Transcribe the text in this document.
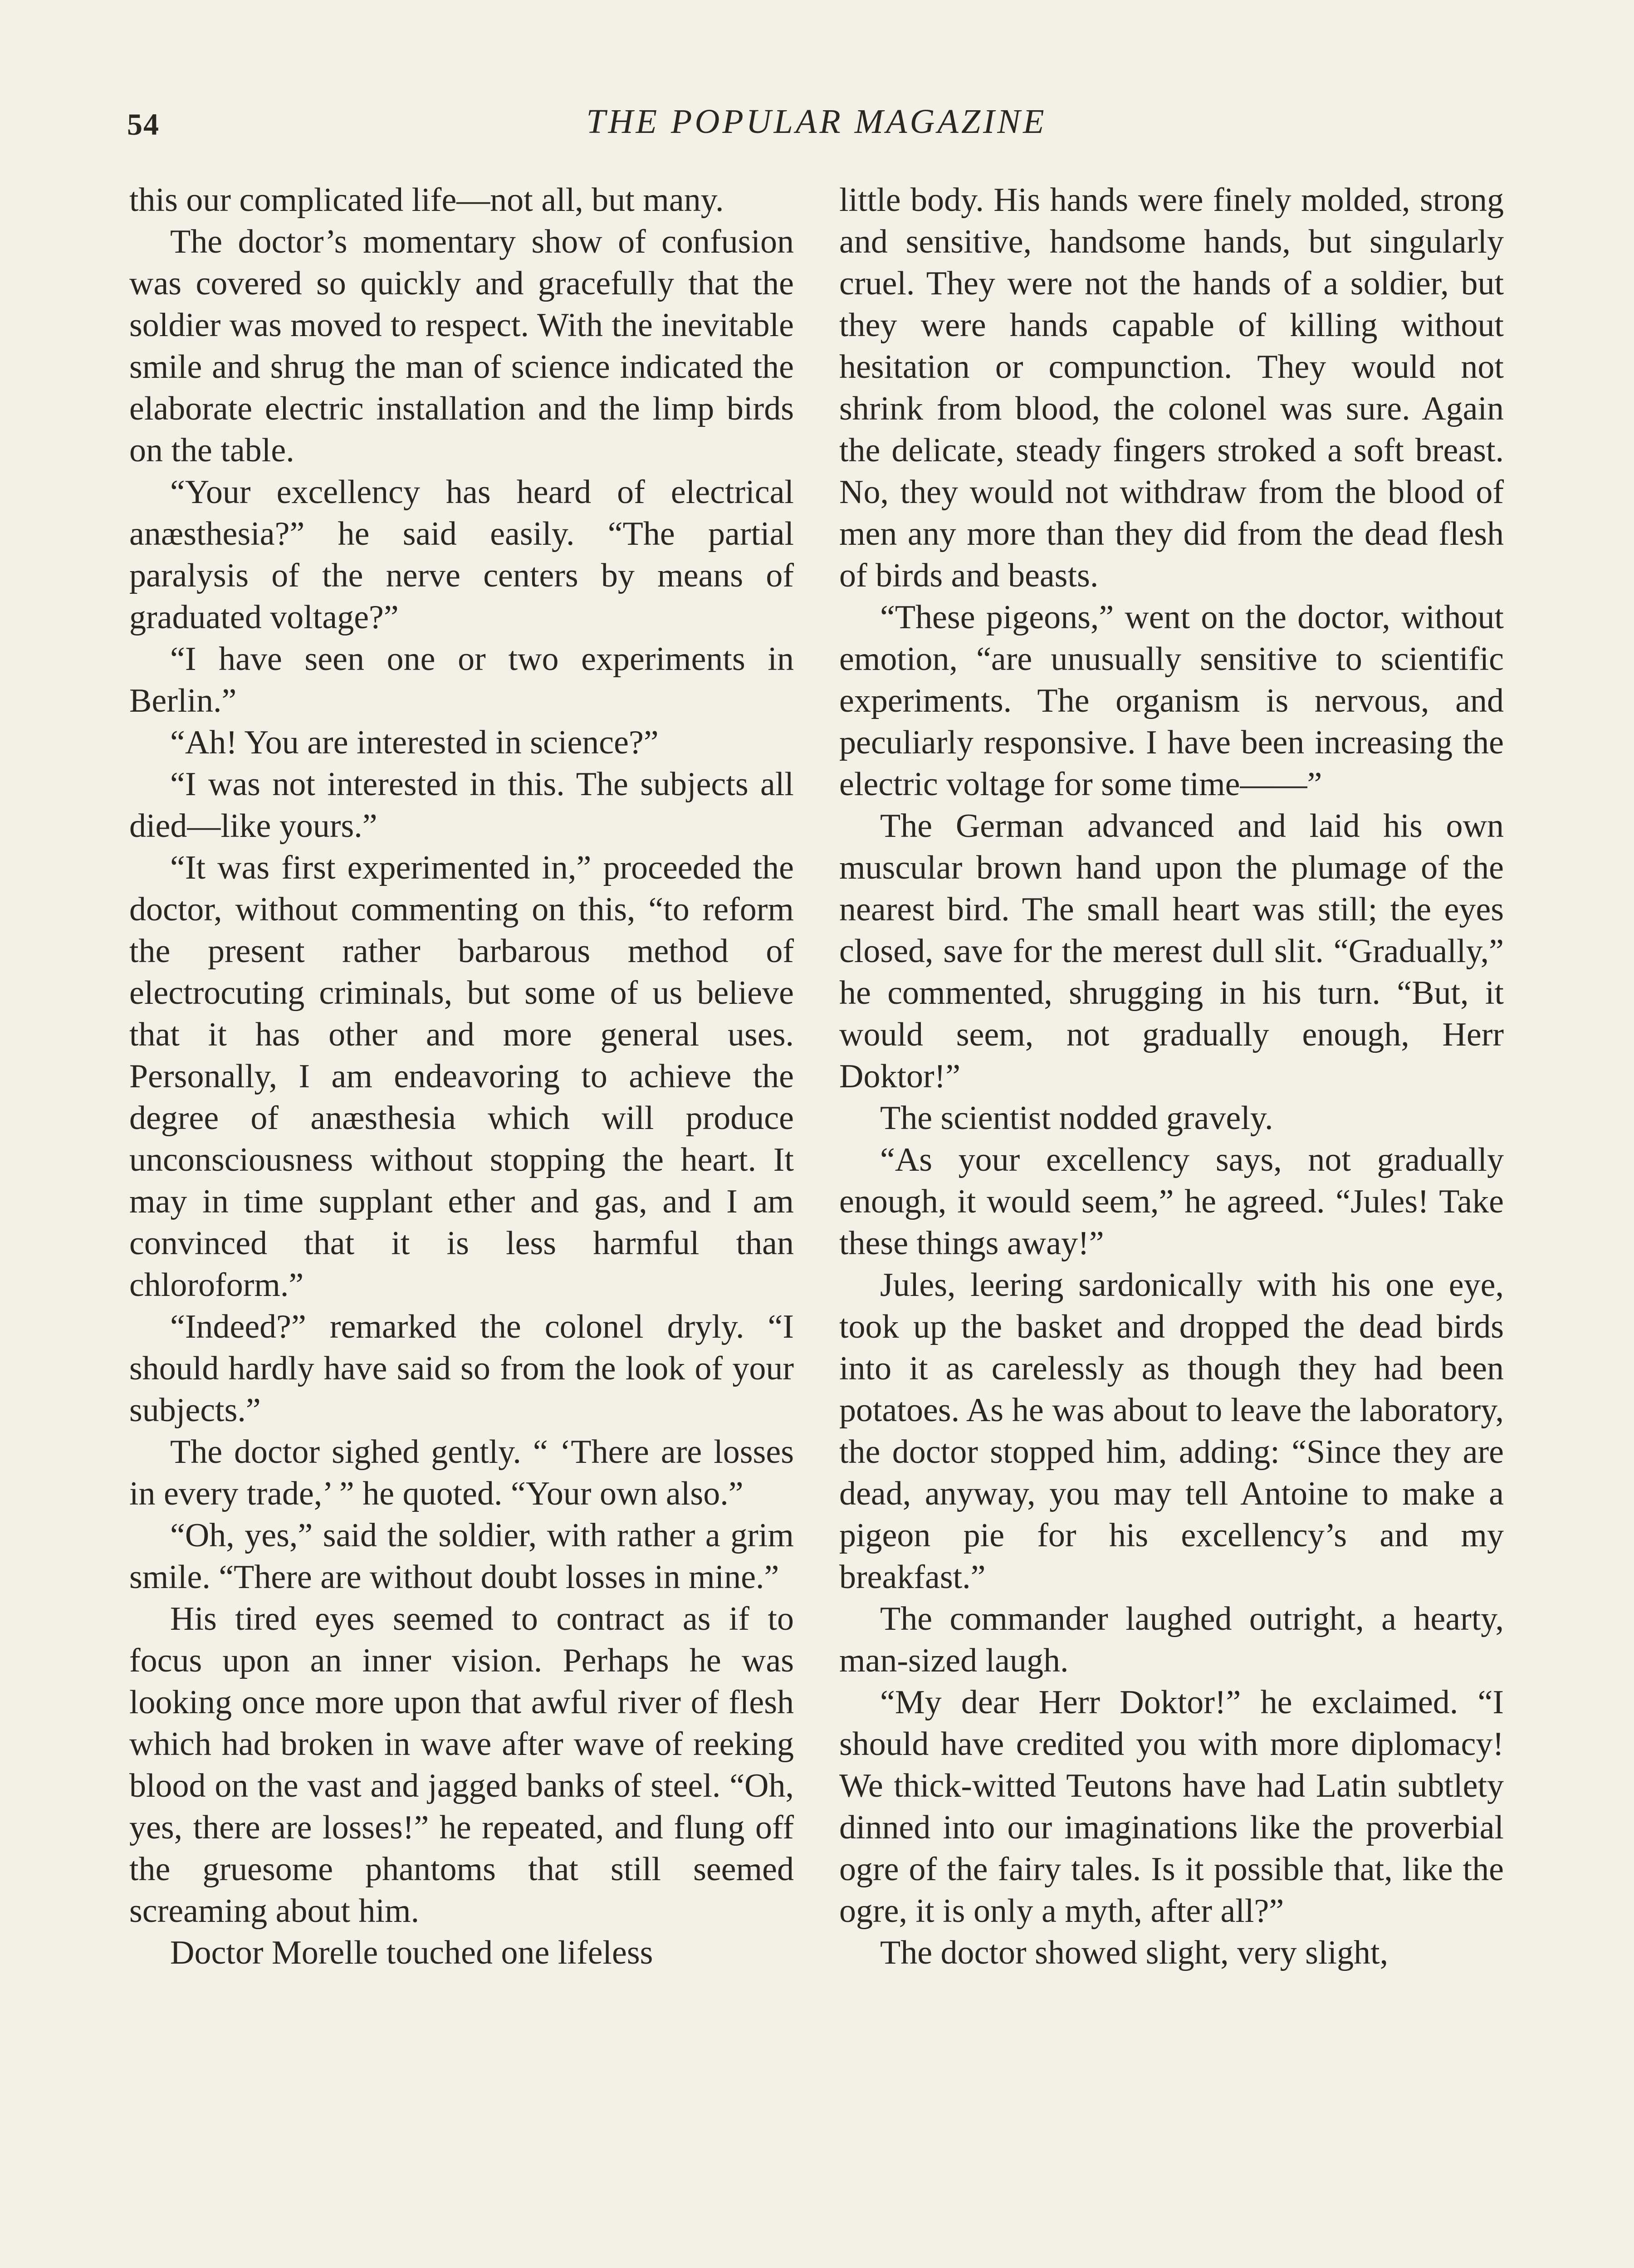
54	THE POPULAR MAGAZINE

this our complicated life—not all, but many.

The doctor’s momentary show of confusion was covered so quickly and gracefully that the soldier was moved to respect. With the inevitable smile and shrug the man of science indicated the elaborate electric installation and the limp birds on the table.

“Your excellency has heard of electrical anæsthesia?” he said easily. “The partial paralysis of the nerve centers by means of graduated voltage?”

“I have seen one or two experiments in Berlin.”

“Ah! You are interested in science?”

“I was not interested in this. The subjects all died—like yours.”

“It was first experimented in,” proceeded the doctor, without commenting on this, “to reform the present rather barbarous method of electrocuting criminals, but some of us believe that it has other and more general uses. Personally, I am endeavoring to achieve the degree of anæsthesia which will produce unconsciousness without stopping the heart. It may in time supplant ether and gas, and I am convinced that it is less harmful than chloroform.”

“Indeed?” remarked the colonel dryly. “I should hardly have said so from the look of your subjects.”

The doctor sighed gently. “ ‘There are losses in every trade,’ ” he quoted. “Your own also.”

“Oh, yes,” said the soldier, with rather a grim smile. “There are without doubt losses in mine.”

His tired eyes seemed to contract as if to focus upon an inner vision. Perhaps he was looking once more upon that awful river of flesh which had broken in wave after wave of reeking blood on the vast and jagged banks of steel. “Oh, yes, there are losses!” he repeated, and flung off the gruesome phantoms that still seemed screaming about him.

Doctor Morelle touched one lifeless

little body. His hands were finely molded, strong and sensitive, handsome hands, but singularly cruel. They were not the hands of a soldier, but they were hands capable of killing without hesitation or compunction. They would not shrink from blood, the colonel was sure. Again the delicate, steady fingers stroked a soft breast. No, they would not withdraw from the blood of men any more than they did from the dead flesh of birds and beasts.

“These pigeons,” went on the doctor, without emotion, “are unusually sensitive to scientific experiments. The organism is nervous, and peculiarly responsive. I have been increasing the electric voltage for some time——”

The German advanced and laid his own muscular brown hand upon the plumage of the nearest bird. The small heart was still; the eyes closed, save for the merest dull slit. “Gradually,” he commented, shrugging in his turn. “But, it would seem, not gradually enough, Herr Doktor!”

The scientist nodded gravely.

“As your excellency says, not gradually enough, it would seem,” he agreed. “Jules! Take these things away!”

Jules, leering sardonically with his one eye, took up the basket and dropped the dead birds into it as carelessly as though they had been potatoes. As he was about to leave the laboratory, the doctor stopped him, adding: “Since they are dead, anyway, you may tell Antoine to make a pigeon pie for his excellency’s and my breakfast.”

The commander laughed outright, a hearty, man-sized laugh.

“My dear Herr Doktor!” he exclaimed. “I should have credited you with more diplomacy! We thick-witted Teutons have had Latin subtlety dinned into our imaginations like the proverbial ogre of the fairy tales. Is it possible that, like the ogre, it is only a myth, after all?”

The doctor showed slight, very slight,
